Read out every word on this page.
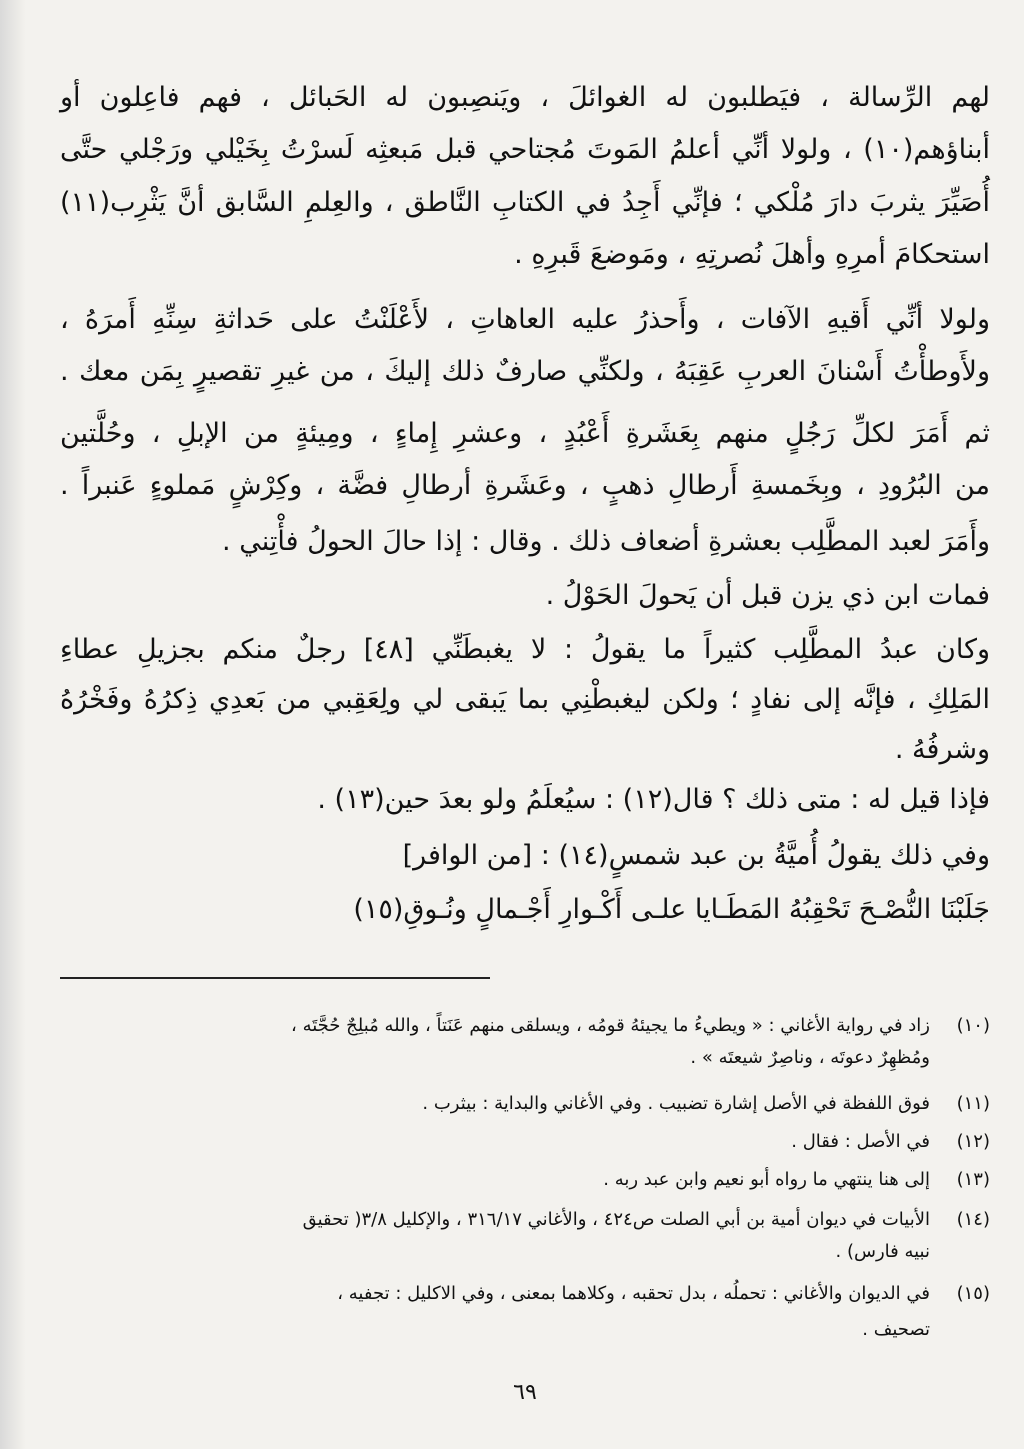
لهم الرِّسالة ، فيَطلبون له الغوائلَ ، ويَنصِبون له الحَبائل ، فهم فاعِلون أو
أبناؤهم(١٠) ، ولولا أنِّي أعلمُ المَوتَ مُجتاحي قبل مَبعثِه لَسرْتُ بِخَيْلي ورَجْلي حتَّى
أُصَيِّرَ يثربَ دارَ مُلْكي ؛ فإنِّي أَجِدُ في الكتابِ النَّاطق ، والعِلمِ السَّابق أنَّ يَثْرِب(١١)
استحكامَ أمرِهِ وأهلَ نُصرتِهِ ، ومَوضعَ قَبرِهِ .
ولولا أنِّي أَقيهِ الآفات ، وأَحذرُ عليه العاهاتِ ، لأَعْلَنْتُ على حَداثةِ سِنِّهِ أَمرَهُ ،
ولأَوطأْتُ أَسْنانَ العربِ عَقِبَهُ ، ولكنِّي صارفٌ ذلك إليكَ ، من غيرِ تقصيرٍ بِمَن معك .
ثم أَمَرَ لكلِّ رَجُلٍ منهم بِعَشَرةِ أَعْبُدٍ ، وعشرِ إِماءٍ ، ومِيئةٍ من الإبلِ ، وحُلَّتين
من البُرُودِ ، وبِخَمسةِ أَرطالِ ذهبٍ ، وعَشَرةِ أرطالِ فضَّة ، وكِرْشٍ مَملوءٍ عَنبراً .
وأَمَرَ لعبد المطَّلِب بعشرةِ أضعاف ذلك . وقال : إذا حالَ الحولُ فأْتِني .
فمات ابن ذي يزن قبل أن يَحولَ الحَوْلُ .
وكان عبدُ المطَّلِب كثيراً ما يقولُ : لا يغبطَنِّي [٤٨] رجلٌ منكم بجزيلِ عطاءِ
المَلِكِ ، فإنَّه إلى نفادٍ ؛ ولكن ليغبطْنِي بما يَبقى لي ولِعَقِبي من بَعدِي ذِكرُهُ وفَخْرُهُ
وشرفُهُ .
فإذا قيل له : متى ذلك ؟ قال(١٢) : سيُعلَمُ ولو بعدَ حين(١٣) .
وفي ذلك يقولُ أُميَّةُ بن عبد شمسٍ(١٤) : [من الوافر]
جَلَبْنَا النُّصْـحَ تَحْقِبُهُ المَطَـايا علـى أَكْـوارِ أَجْـمالٍ ونُـوقِ(١٥)
(١٠)
زاد في رواية الأغاني : « ويطيءُ ما يجيئهُ قومُه ، ويسلقى منهم عَنَتاً ، والله مُبلِجٌ حُجَّتَه ،
ومُظهِرٌ دعوتَه ، وناصِرٌ شيعتَه » .
(١١)
فوق اللفظة في الأصل إشارة تضبيب . وفي الأغاني والبداية : بيثرب .
(١٢)
في الأصل : فقال .
(١٣)
إلى هنا ينتهي ما رواه أبو نعيم وابن عبد ربه .
(١٤)
الأبيات في ديوان أمية بن أبي الصلت ص٤٢٤ ، والأغاني ٣١٦/١٧ ، والإكليل ٣/٨( تحقيق
نبيه فارس) .
(١٥)
في الديوان والأغاني : تحملُه ، بدل تحقبه ، وكلاهما بمعنى ، وفي الاكليل : تجفيه ،
تصحيف .
٦٩
